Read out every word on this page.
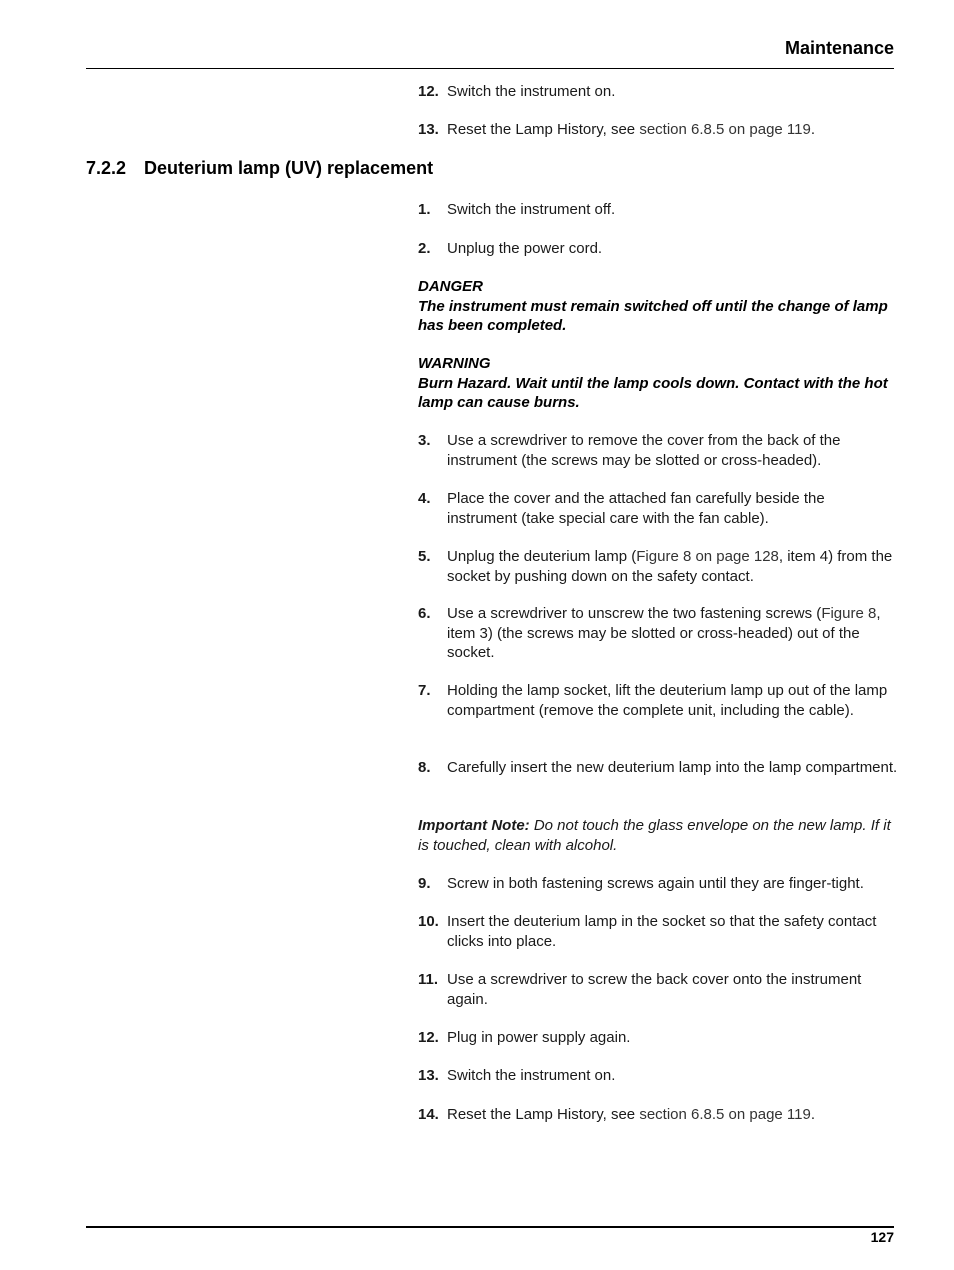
Maintenance
12. Switch the instrument on.
13. Reset the Lamp History, see section 6.8.5 on page 119.
7.2.2 Deuterium lamp (UV) replacement
1.	Switch the instrument off.
2.	Unplug the power cord.
DANGER
The instrument must remain switched off until the change of lamp has been completed.
WARNING
Burn Hazard. Wait until the lamp cools down. Contact with the hot lamp can cause burns.
3.	Use a screwdriver to remove the cover from the back of the instrument (the screws may be slotted or cross-headed).
4.	Place the cover and the attached fan carefully beside the instrument (take special care with the fan cable).
5.	Unplug the deuterium lamp (Figure 8 on page 128, item 4) from the socket by pushing down on the safety contact.
6.	Use a screwdriver to unscrew the two fastening screws (Figure 8, item 3) (the screws may be slotted or cross-headed) out of the socket.
7.	Holding the lamp socket, lift the deuterium lamp up out of the lamp compartment (remove the complete unit, including the cable).
8.	Carefully insert the new deuterium lamp into the lamp compartment.
Important Note: Do not touch the glass envelope on the new lamp. If it is touched, clean with alcohol.
9.	Screw in both fastening screws again until they are finger-tight.
10. Insert the deuterium lamp in the socket so that the safety contact clicks into place.
11. Use a screwdriver to screw the back cover onto the instrument again.
12. Plug in power supply again.
13. Switch the instrument on.
14. Reset the Lamp History, see section 6.8.5 on page 119.
127
